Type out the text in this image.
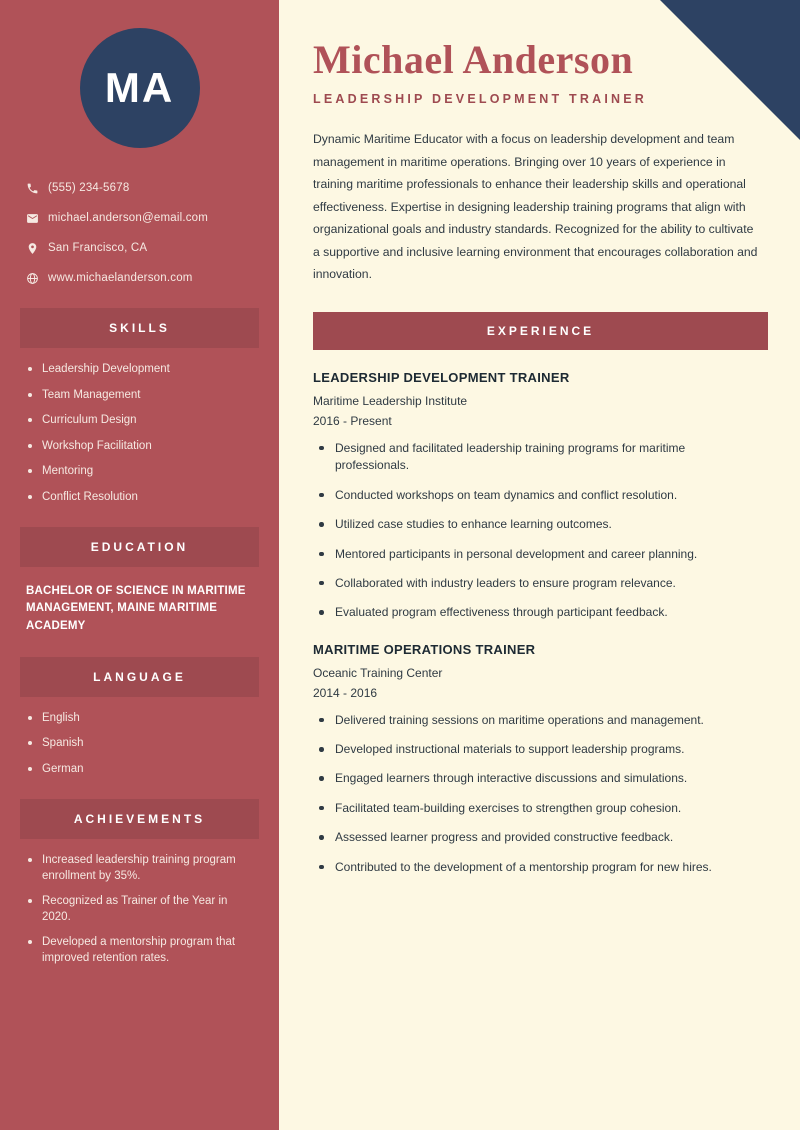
MA
(555) 234-5678
michael.anderson@email.com
San Francisco, CA
www.michaelanderson.com
SKILLS
Leadership Development
Team Management
Curriculum Design
Workshop Facilitation
Mentoring
Conflict Resolution
EDUCATION
BACHELOR OF SCIENCE IN MARITIME MANAGEMENT, MAINE MARITIME ACADEMY
LANGUAGE
English
Spanish
German
ACHIEVEMENTS
Increased leadership training program enrollment by 35%.
Recognized as Trainer of the Year in 2020.
Developed a mentorship program that improved retention rates.
Michael Anderson
LEADERSHIP DEVELOPMENT TRAINER

Dynamic Maritime Educator with a focus on leadership development and team management in maritime operations. Bringing over 10 years of experience in training maritime professionals to enhance their leadership skills and operational effectiveness. Expertise in designing leadership training programs that align with organizational goals and industry standards. Recognized for the ability to cultivate a supportive and inclusive learning environment that encourages collaboration and innovation.

EXPERIENCE
LEADERSHIP DEVELOPMENT TRAINER
Maritime Leadership Institute
2016 - Present
Designed and facilitated leadership training programs for maritime professionals.
Conducted workshops on team dynamics and conflict resolution.
Utilized case studies to enhance learning outcomes.
Mentored participants in personal development and career planning.
Collaborated with industry leaders to ensure program relevance.
Evaluated program effectiveness through participant feedback.
MARITIME OPERATIONS TRAINER
Oceanic Training Center
2014 - 2016
Delivered training sessions on maritime operations and management.
Developed instructional materials to support leadership programs.
Engaged learners through interactive discussions and simulations.
Facilitated team-building exercises to strengthen group cohesion.
Assessed learner progress and provided constructive feedback.
Contributed to the development of a mentorship program for new hires.
